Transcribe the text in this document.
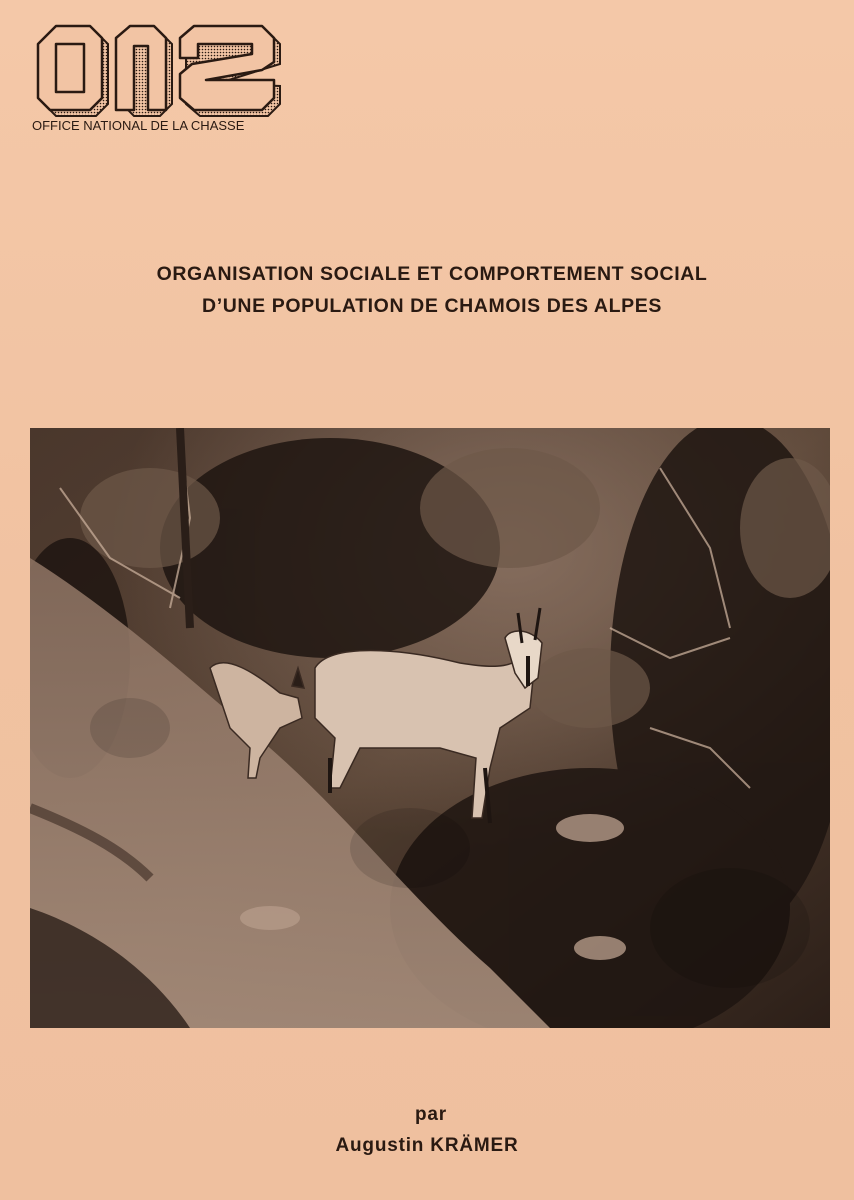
OFFICE NATIONAL DE LA CHASSE
ORGANISATION SOCIALE ET COMPORTEMENT SOCIAL
D’UNE POPULATION DE CHAMOIS DES ALPES
par
Augustin KRÄMER
